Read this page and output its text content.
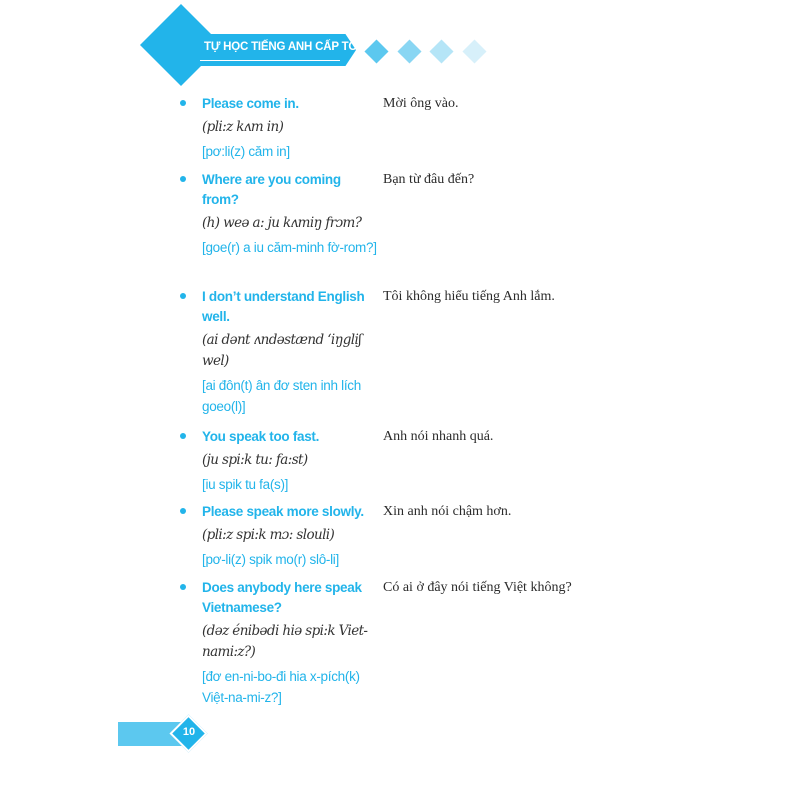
TỰ HỌC TIẾNG ANH CẤP TỐC
Please come in.
(pli:z kʌm in)
[pơ:li(z) căm in]
Mời ông vào.
Where are you coming from?
(h) weə a: ju kʌmiŋ frɔm?
[goe(r) a iu căm-minh fờ-rom?]
Bạn từ đâu đến?
I don’t understand English well.
(ai dənt ʌndəstænd ‘iŋgliʃ wel)
[ai đôn(t) ân đơ sten inh lích goeo(l)]
Tôi không hiểu tiếng Anh lắm.
You speak too fast.
(ju spi:k tu: fa:st)
[iu spik tu fa(s)]
Anh nói nhanh quá.
Please speak more slowly.
(pli:z spi:k mɔ: slouli)
[pơ-li(z) spik mo(r) slô-li]
Xin anh nói chậm hơn.
Does anybody here speak Vietnamese?
(dəz énibədi hiə spi:k Viet-nami:z?)
[đơ en-ni-bo-đi hia x-pích(k) Việt-na-mi-z?]
Có ai ở đây nói tiếng Việt không?
10
